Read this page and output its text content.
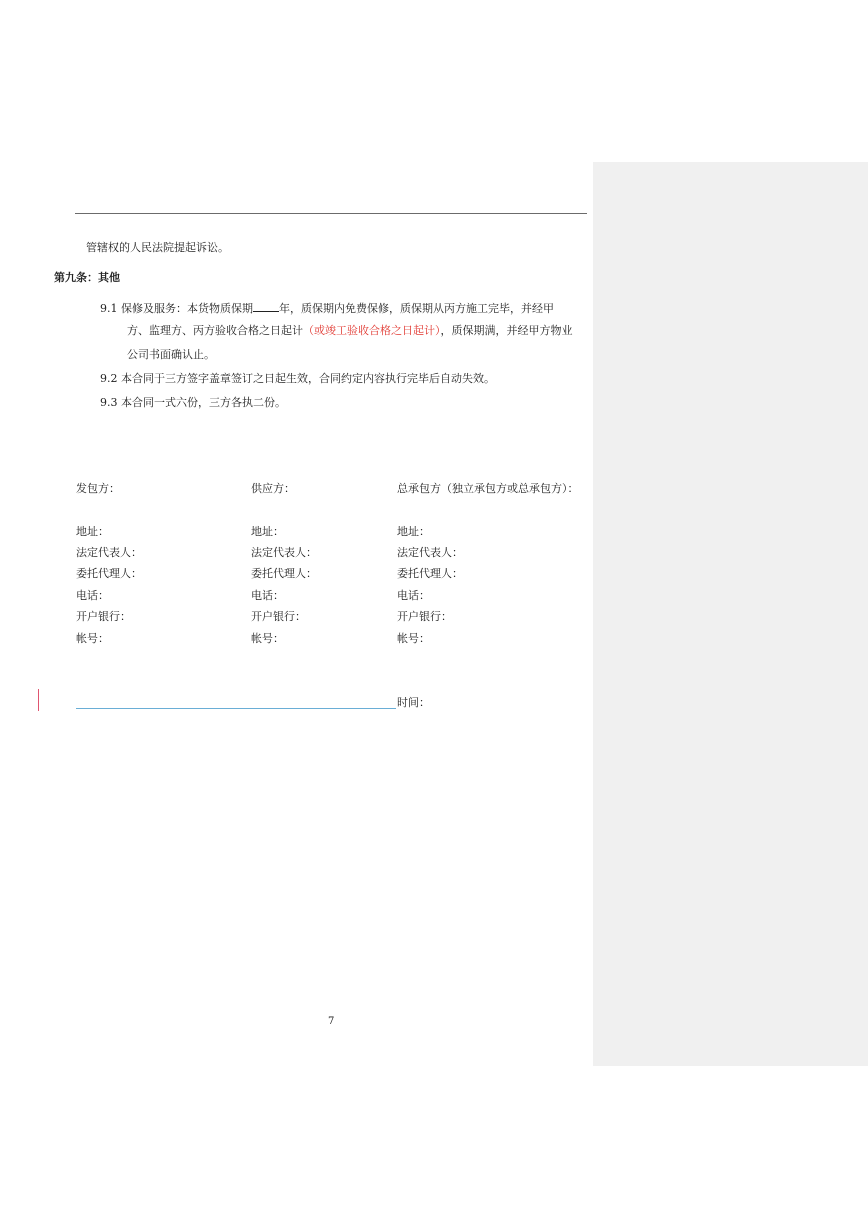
管辖权的人民法院提起诉讼。
第九条：其他
9.1 保修及服务：本货物质保期 年，质保期内免费保修，质保期从丙方施工完毕，并经甲
方、监理方、丙方验收合格之日起计（或竣工验收合格之日起计），质保期满，并经甲方物业
公司书面确认止。
9.2 本合同于三方签字盖章签订之日起生效，合同约定内容执行完毕后自动失效。
9.3 本合同一式六份，三方各执二份。
发包方：
地址：
法定代表人：
委托代理人：
电话：
开户银行：
帐号：
供应方：
地址：
法定代表人：
委托代理人：
电话：
开户银行：
帐号：
总承包方（独立承包方或总承包方）：
地址：
法定代表人：
委托代理人：
电话：
开户银行：
帐号：
时间：
7
